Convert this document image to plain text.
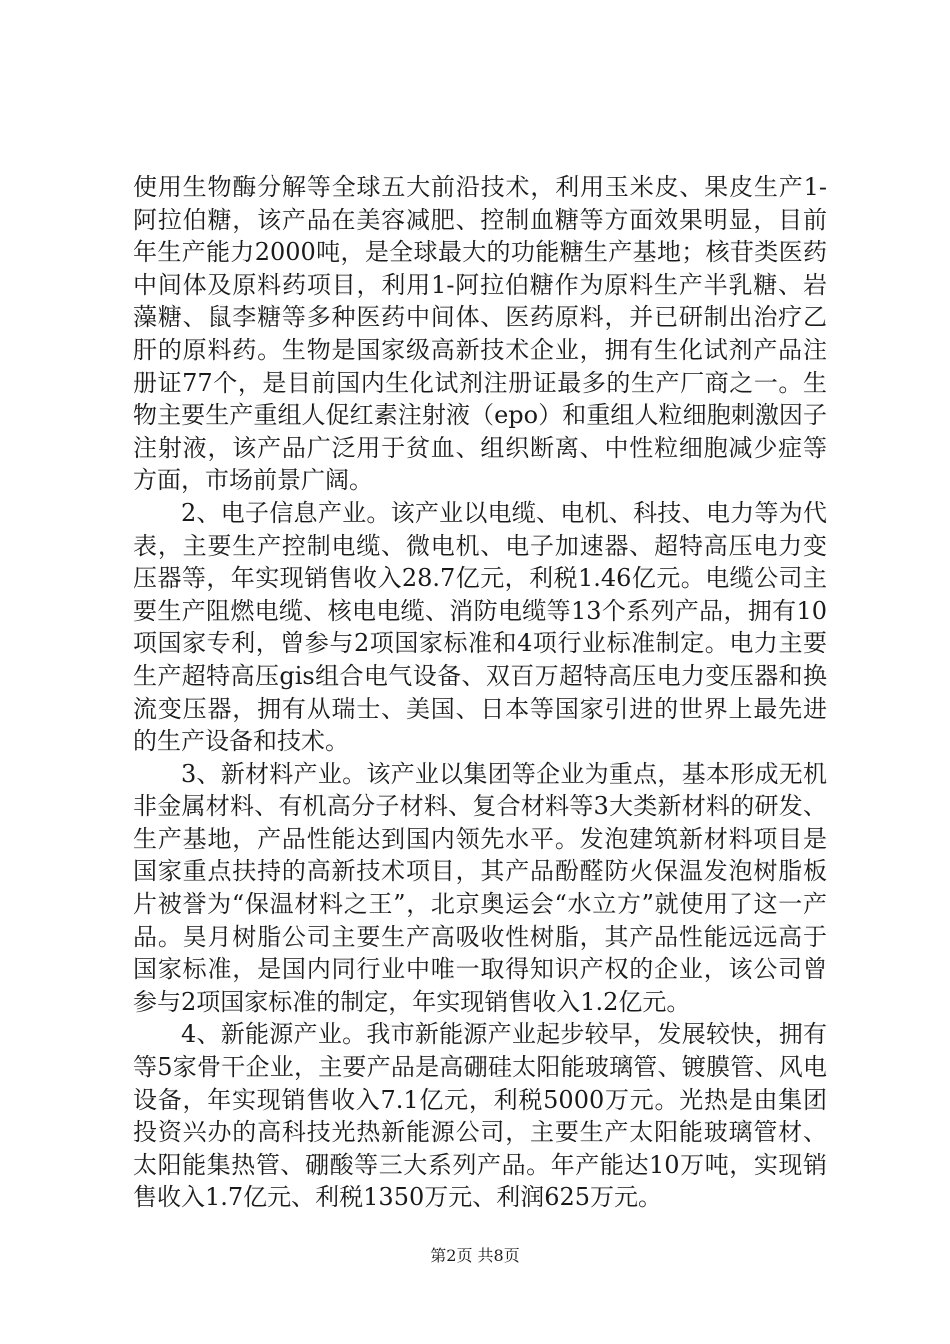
使用生物酶分解等全球五大前沿技术，利用玉米皮、果皮生产1-阿拉伯糖，该产品在美容减肥、控制血糖等方面效果明显，目前年生产能力2000吨，是全球最大的功能糖生产基地；核苷类医药中间体及原料药项目，利用1-阿拉伯糖作为原料生产半乳糖、岩藻糖、鼠李糖等多种医药中间体、医药原料，并已研制出治疗乙肝的原料药。生物是国家级高新技术企业，拥有生化试剂产品注册证77个，是目前国内生化试剂注册证最多的生产厂商之一。生物主要生产重组人促红素注射液（epo）和重组人粒细胞刺激因子注射液，该产品广泛用于贫血、组织断离、中性粒细胞减少症等方面，市场前景广阔。

2、电子信息产业。该产业以电缆、电机、科技、电力等为代表，主要生产控制电缆、微电机、电子加速器、超特高压电力变压器等，年实现销售收入28.7亿元，利税1.46亿元。电缆公司主要生产阻燃电缆、核电电缆、消防电缆等13个系列产品，拥有10项国家专利，曾参与2项国家标准和4项行业标准制定。电力主要生产超特高压gis组合电气设备、双百万超特高压电力变压器和换流变压器，拥有从瑞士、美国、日本等国家引进的世界上最先进的生产设备和技术。

3、新材料产业。该产业以集团等企业为重点，基本形成无机非金属材料、有机高分子材料、复合材料等3大类新材料的研发、生产基地，产品性能达到国内领先水平。发泡建筑新材料项目是国家重点扶持的高新技术项目，其产品酚醛防火保温发泡树脂板片被誉为“保温材料之王”，北京奥运会“水立方”就使用了这一产品。昊月树脂公司主要生产高吸收性树脂，其产品性能远远高于国家标准，是国内同行业中唯一取得知识产权的企业，该公司曾参与2项国家标准的制定，年实现销售收入1.2亿元。

4、新能源产业。我市新能源产业起步较早，发展较快，拥有等5家骨干企业，主要产品是高硼硅太阳能玻璃管、镀膜管、风电设备，年实现销售收入7.1亿元，利税5000万元。光热是由集团投资兴办的高科技光热新能源公司，主要生产太阳能玻璃管材、太阳能集热管、硼酸等三大系列产品。年产能达10万吨，实现销售收入1.7亿元、利税1350万元、利润625万元。

第2页 共8页
